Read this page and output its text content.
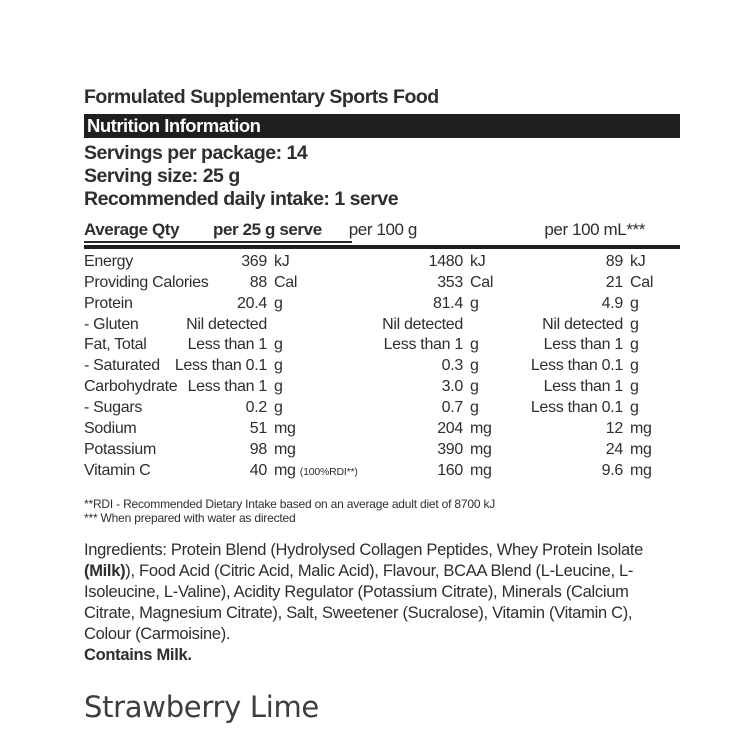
Formulated Supplementary Sports Food
Nutrition Information
Servings per package: 14
Serving size: 25 g
Recommended daily intake: 1 serve
Average Qty	per 25 g serve	per 100 g	per 100 mL***
Energy	369 kJ	1480 kJ	89 kJ
Providing Calories	88 Cal	353 Cal	21 Cal
Protein	20.4 g	81.4 g	4.9 g
- Gluten	Nil detected	Nil detected	Nil detected g
Fat, Total	Less than 1 g	Less than 1 g	Less than 1 g
- Saturated Less than 0.1 g	0.3 g	Less than 0.1 g
Carbohydrate Less than 1 g	3.0 g	Less than 1 g
- Sugars	0.2 g	0.7 g	Less than 0.1 g
Sodium	51 mg	204 mg	12 mg
Potassium	98 mg	390 mg	24 mg
Vitamin C	40 mg (100%RDI**)	160 mg	9.6 mg
**RDI - Recommended Dietary Intake based on an average adult diet of 8700 kJ
*** When prepared with water as directed

Ingredients: Protein Blend (Hydrolysed Collagen Peptides, Whey Protein Isolate (Milk)), Food Acid (Citric Acid, Malic Acid), Flavour, BCAA Blend (L-Leucine, L-Isoleucine, L-Valine), Acidity Regulator (Potassium Citrate), Minerals (Calcium Citrate, Magnesium Citrate), Salt, Sweetener (Sucralose), Vitamin (Vitamin C), Colour (Carmoisine).

Contains Milk.
Strawberry Lime
